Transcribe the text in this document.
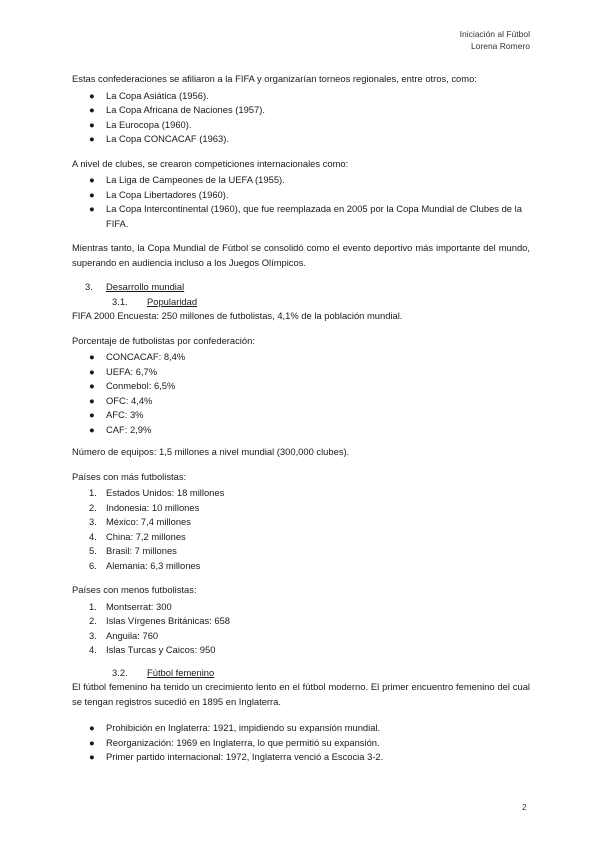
Iniciación al Fútbol
Lorena Romero

Estas confederaciones se afiliaron a la FIFA y organizarían torneos regionales, entre otros, como:

● La Copa Asiática (1956).
● La Copa Africana de Naciones (1957).
● La Eurocopa (1960).
● La Copa CONCACAF (1963).

A nivel de clubes, se crearon competiciones internacionales como:

● La Liga de Campeones de la UEFA (1955).
● La Copa Libertadores (1960).
● La Copa Intercontinental (1960), que fue reemplazada en 2005 por la Copa Mundial de Clubes de la FIFA.

Mientras tanto, la Copa Mundial de Fútbol se consolidó como el evento deportivo más importante del mundo, superando en audiencia incluso a los Juegos Olímpicos.

3. Desarrollo mundial
3.1. Popularidad

FIFA 2000 Encuesta: 250 millones de futbolistas, 4,1% de la población mundial.

Porcentaje de futbolistas por confederación:

● CONCACAF: 8,4%
● UEFA: 6,7%
● Conmebol: 6,5%
● OFC: 4,4%
● AFC: 3%
● CAF: 2,9%

Número de equipos: 1,5 millones a nivel mundial (300,000 clubes).

Países con más futbolistas:

1. Estados Unidos: 18 millones
2. Indonesia: 10 millones
3. México: 7,4 millones
4. China: 7,2 millones
5. Brasil: 7 millones
6. Alemania: 6,3 millones

Países con menos futbolistas:

1. Montserrat: 300
2. Islas Vírgenes Británicas: 658
3. Anguila: 760
4. Islas Turcas y Caicos: 950
3.2. Fútbol femenino

El fútbol femenino ha tenido un crecimiento lento en el fútbol moderno. El primer encuentro femenino del cual se tengan registros sucedió en 1895 en Inglaterra.

● Prohibición en Inglaterra: 1921, impidiendo su expansión mundial.
● Reorganización: 1969 en Inglaterra, lo que permitió su expansión.
● Primer partido internacional: 1972, Inglaterra venció a Escocia 3-2.
2
